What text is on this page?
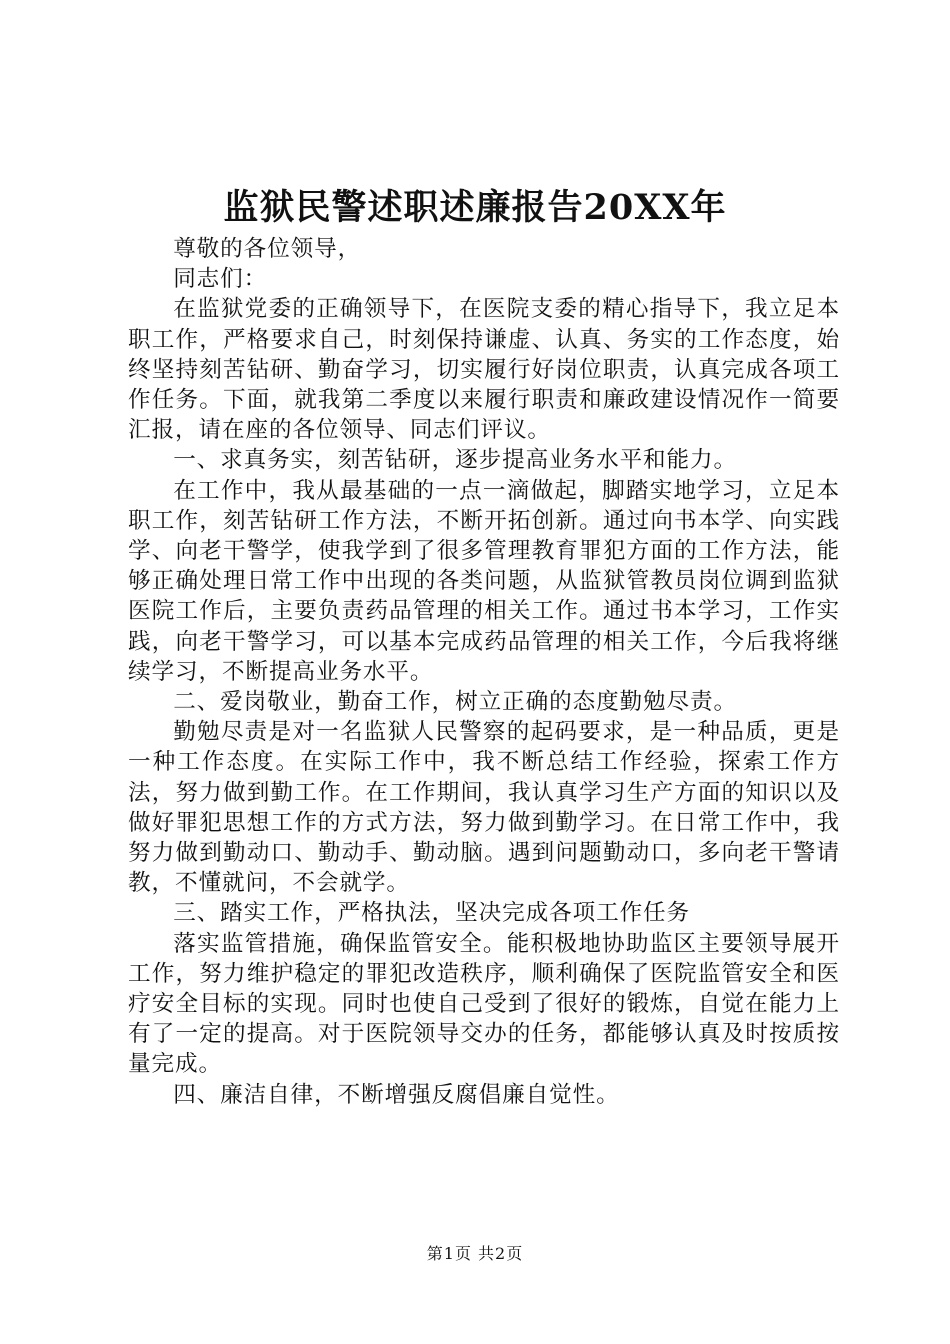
监狱民警述职述廉报告20XX年

尊敬的各位领导，

同志们：

在监狱党委的正确领导下，在医院支委的精心指导下，我立足本职工作，严格要求自己，时刻保持谦虚、认真、务实的工作态度，始终坚持刻苦钻研、勤奋学习，切实履行好岗位职责，认真完成各项工作任务。下面，就我第二季度以来履行职责和廉政建设情况作一简要汇报，请在座的各位领导、同志们评议。

一、求真务实，刻苦钻研，逐步提高业务水平和能力。

在工作中，我从最基础的一点一滴做起，脚踏实地学习，立足本职工作，刻苦钻研工作方法，不断开拓创新。通过向书本学、向实践学、向老干警学，使我学到了很多管理教育罪犯方面的工作方法，能够正确处理日常工作中出现的各类问题，从监狱管教员岗位调到监狱医院工作后，主要负责药品管理的相关工作。通过书本学习，工作实践，向老干警学习，可以基本完成药品管理的相关工作，今后我将继续学习，不断提高业务水平。

二、爱岗敬业，勤奋工作，树立正确的态度勤勉尽责。

勤勉尽责是对一名监狱人民警察的起码要求，是一种品质，更是一种工作态度。在实际工作中，我不断总结工作经验，探索工作方法，努力做到勤工作。在工作期间，我认真学习生产方面的知识以及做好罪犯思想工作的方式方法，努力做到勤学习。在日常工作中，我努力做到勤动口、勤动手、勤动脑。遇到问题勤动口，多向老干警请教，不懂就问，不会就学。

三、踏实工作，严格执法，坚决完成各项工作任务

落实监管措施，确保监管安全。能积极地协助监区主要领导展开工作，努力维护稳定的罪犯改造秩序，顺利确保了医院监管安全和医疗安全目标的实现。同时也使自己受到了很好的锻炼，自觉在能力上有了一定的提高。对于医院领导交办的任务，都能够认真及时按质按量完成。

四、廉洁自律，不断增强反腐倡廉自觉性。

第1页 共2页
